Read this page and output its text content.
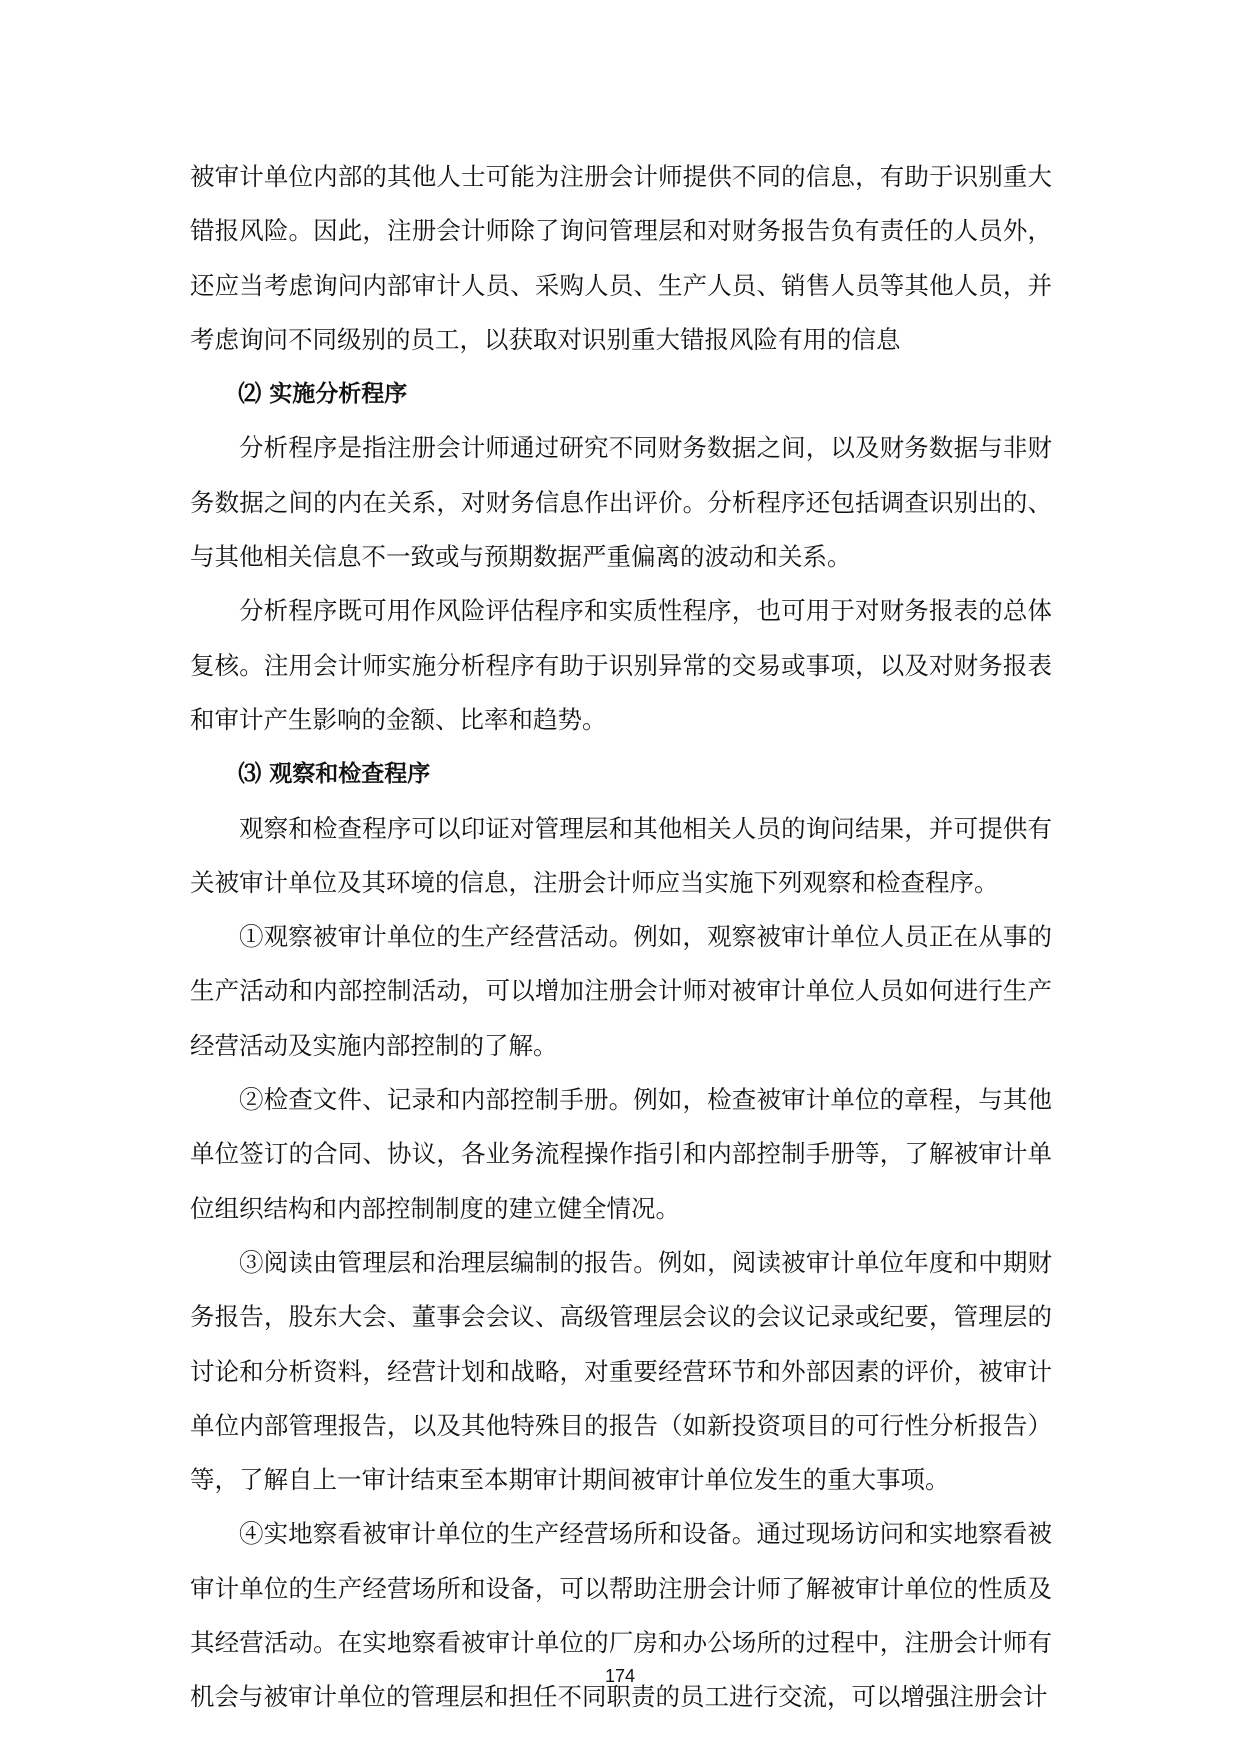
被审计单位内部的其他人士可能为注册会计师提供不同的信息，有助于识别重大错报风险。因此，注册会计师除了询问管理层和对财务报告负有责任的人员外，还应当考虑询问内部审计人员、采购人员、生产人员、销售人员等其他人员，并考虑询问不同级别的员工，以获取对识别重大错报风险有用的信息

⑵ 实施分析程序

分析程序是指注册会计师通过研究不同财务数据之间，以及财务数据与非财务数据之间的内在关系，对财务信息作出评价。分析程序还包括调查识别出的、与其他相关信息不一致或与预期数据严重偏离的波动和关系。

分析程序既可用作风险评估程序和实质性程序，也可用于对财务报表的总体复核。注用会计师实施分析程序有助于识别异常的交易或事项，以及对财务报表和审计产生影响的金额、比率和趋势。

⑶ 观察和检查程序

观察和检查程序可以印证对管理层和其他相关人员的询问结果，并可提供有关被审计单位及其环境的信息，注册会计师应当实施下列观察和检查程序。

①观察被审计单位的生产经营活动。例如，观察被审计单位人员正在从事的生产活动和内部控制活动，可以增加注册会计师对被审计单位人员如何进行生产经营活动及实施内部控制的了解。

②检查文件、记录和内部控制手册。例如，检查被审计单位的章程，与其他单位签订的合同、协议，各业务流程操作指引和内部控制手册等，了解被审计单位组织结构和内部控制制度的建立健全情况。

③阅读由管理层和治理层编制的报告。例如，阅读被审计单位年度和中期财务报告，股东大会、董事会会议、高级管理层会议的会议记录或纪要，管理层的讨论和分析资料，经营计划和战略，对重要经营环节和外部因素的评价，被审计单位内部管理报告，以及其他特殊目的报告（如新投资项目的可行性分析报告）等，了解自上一审计结束至本期审计期间被审计单位发生的重大事项。

④实地察看被审计单位的生产经营场所和设备。通过现场访问和实地察看被审计单位的生产经营场所和设备，可以帮助注册会计师了解被审计单位的性质及其经营活动。在实地察看被审计单位的厂房和办公场所的过程中，注册会计师有机会与被审计单位的管理层和担任不同职责的员工进行交流，可以增强注册会计

174
